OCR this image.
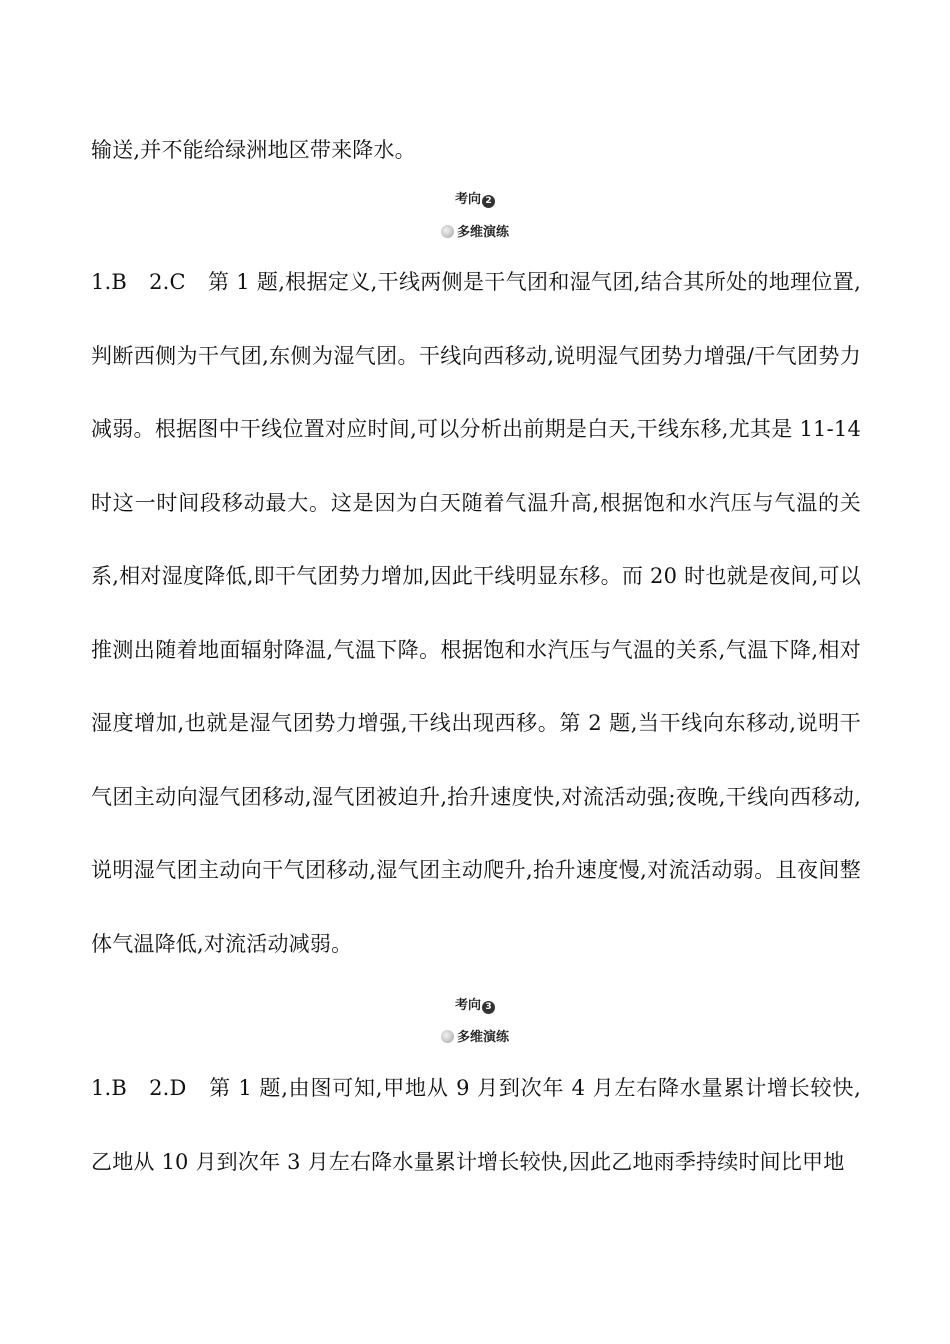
输送,并不能给绿洲地区带来降水。

考向 2
多维演练

1.B 2.C 第 1 题,根据定义,干线两侧是干气团和湿气团,结合其所处的地理位置,判断西侧为干气团,东侧为湿气团。干线向西移动,说明湿气团势力增强/干气团势力减弱。根据图中干线位置对应时间,可以分析出前期是白天,干线东移,尤其是 11-14 时这一时间段移动最大。这是因为白天随着气温升高,根据饱和水汽压与气温的关系,相对湿度降低,即干气团势力增加,因此干线明显东移。而 20 时也就是夜间,可以推测出随着地面辐射降温,气温下降。根据饱和水汽压与气温的关系,气温下降,相对湿度增加,也就是湿气团势力增强,干线出现西移。第 2 题,当干线向东移动,说明干气团主动向湿气团移动,湿气团被迫升,抬升速度快,对流活动强;夜晚,干线向西移动,说明湿气团主动向干气团移动,湿气团主动爬升,抬升速度慢,对流活动弱。且夜间整体气温降低,对流活动减弱。

考向 3
多维演练

1.B 2.D 第 1 题,由图可知,甲地从 9 月到次年 4 月左右降水量累计增长较快,乙地从 10 月到次年 3 月左右降水量累计增长较快,因此乙地雨季持续时间比甲地
